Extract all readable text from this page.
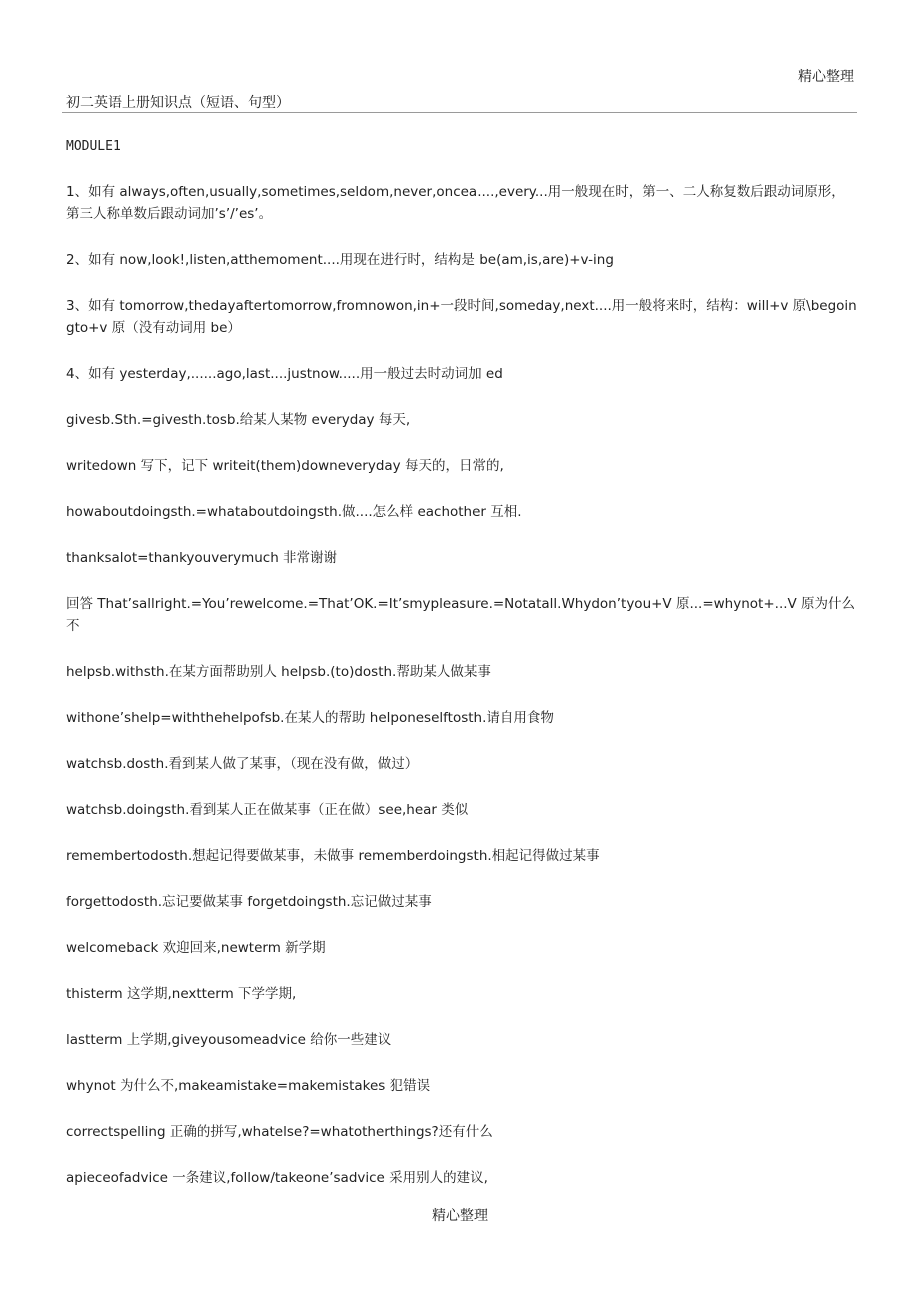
精心整理
初二英语上册知识点（短语、句型）

MODULE1

1、如有 always,often,usually,sometimes,seldom,never,oncea....,every...用一般现在时，第一、二人称复数后跟动词原形，第三人称单数后跟动词加’s’/’es’。

2、如有 now,look!,listen,atthemoment....用现在进行时，结构是 be(am,is,are)+v-ing

3、如有 tomorrow,thedayaftertomorrow,fromnowon,in+一段时间,someday,next....用一般将来时，结构：will+v 原\begoingto+v 原（没有动词用 be）

4、如有 yesterday,......ago,last....justnow.....用一般过去时动词加 ed

givesb.Sth.=givesth.tosb.给某人某物 everyday 每天,

writedown 写下，记下 writeit(them)downeveryday 每天的，日常的,

howaboutdoingsth.=whataboutdoingsth.做....怎么样 eachother 互相.

thanksalot=thankyouverymuch 非常谢谢

回答 That’sallright.=You’rewelcome.=That’OK.=It’smypleasure.=Notatall.Whydon’tyou+V 原...=whynot+...V 原为什么不

helpsb.withsth.在某方面帮助别人 helpsb.(to)dosth.帮助某人做某事

withone’shelp=withthehelpofsb.在某人的帮助 helponeselftosth.请自用食物

watchsb.dosth.看到某人做了某事，（现在没有做，做过）

watchsb.doingsth.看到某人正在做某事（正在做）see,hear 类似

remembertodosth.想起记得要做某事，未做事 rememberdoingsth.相起记得做过某事

forgettodosth.忘记要做某事 forgetdoingsth.忘记做过某事

welcomeback 欢迎回来,newterm 新学期

thisterm 这学期,nextterm 下学学期,

lastterm 上学期,giveyousomeadvice 给你一些建议

whynot 为什么不,makeamistake=makemistakes 犯错误

correctspelling 正确的拼写,whatelse?=whatotherthings?还有什么

apieceofadvice 一条建议,follow/takeone’sadvice 采用别人的建议,

精心整理
